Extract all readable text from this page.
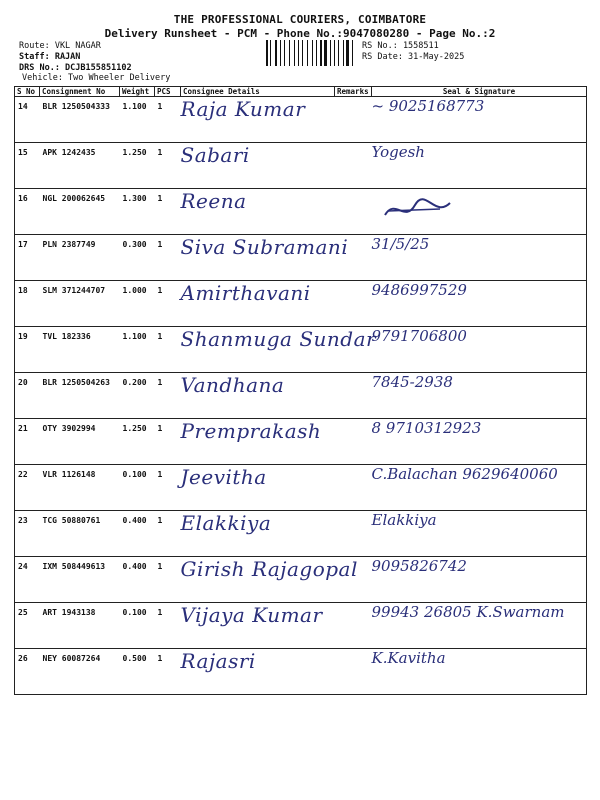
THE PROFESSIONAL COURIERS, COIMBATORE
Delivery Runsheet - PCM - Phone No.:9047080280 - Page No.:2
Route: VKL NAGAR
Staff: RAJAN
DRS No.: DCJB155851102
Vehicle: Two Wheeler Delivery
RS No.: 1558511
RS Date: 31-May-2025
S No	Consignment No	Weight	PCS	Consignee Details	Remarks	Seal & Signature
14	BLR 1250504333	1.100	1	Raja Kumar		~ 9025168773
15	APK 1242435	1.250	1	Sabari		Yogesh
16	NGL 200062645	1.300	1	Reena		

17	PLN 2387749	0.300	1	Siva Subramani		31/5/25
18	SLM 371244707	1.000	1	Amirthavani		9486997529
19	TVL 182336	1.100	1	Shanmuga Sundar		9791706800
20	BLR 1250504263	0.200	1	Vandhana		7845-2938
21	OTY 3902994	1.250	1	Premprakash		8 9710312923
22	VLR 1126148	0.100	1	Jeevitha		C.Balachan 9629640060
23	TCG 50880761	0.400	1	Elakkiya		Elakkiya
24	IXM 508449613	0.400	1	Girish Rajagopal		9095826742
25	ART 1943138	0.100	1	Vijaya Kumar		99943 26805 K.Swarnam
26	NEY 60087264	0.500	1	Rajasri		K.Kavitha
